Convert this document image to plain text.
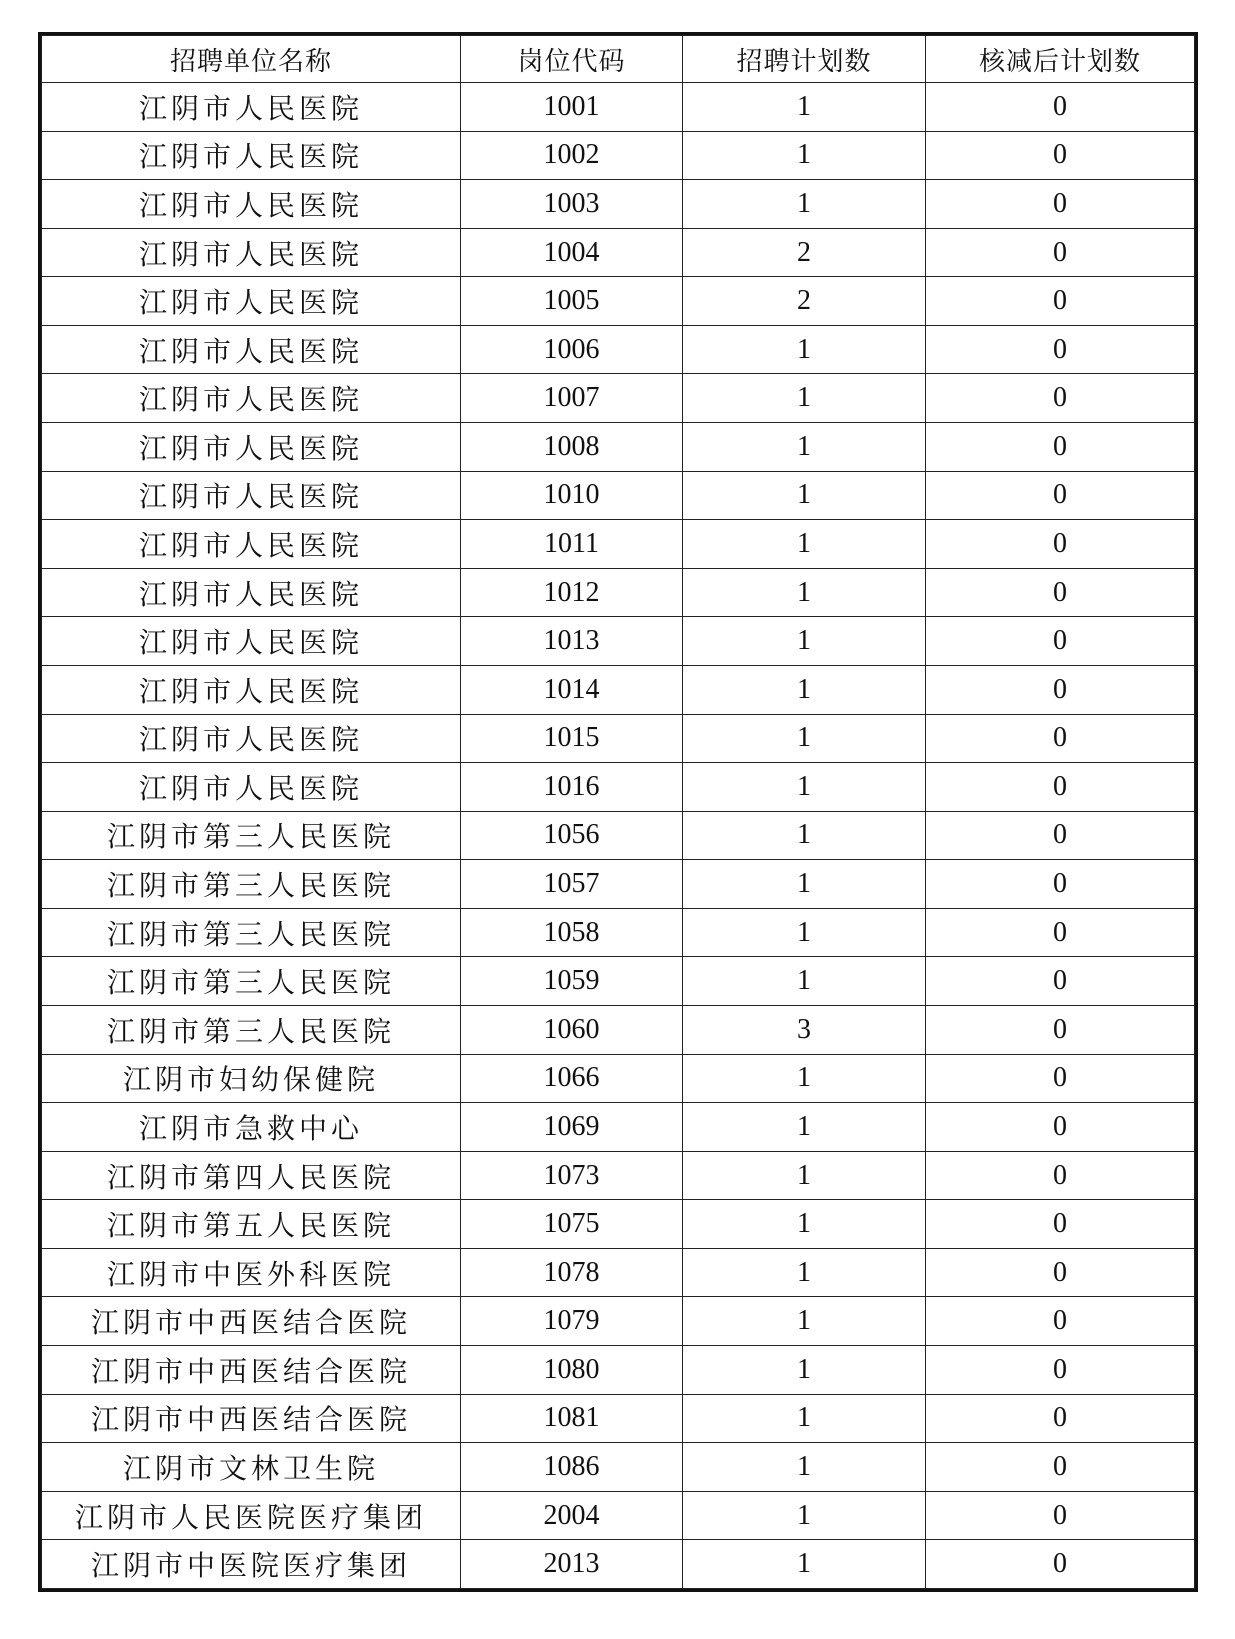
招聘单位名称	岗位代码	招聘计划数	核减后计划数
江阴市人民医院	1001	1	0
江阴市人民医院	1002	1	0
江阴市人民医院	1003	1	0
江阴市人民医院	1004	2	0
江阴市人民医院	1005	2	0
江阴市人民医院	1006	1	0
江阴市人民医院	1007	1	0
江阴市人民医院	1008	1	0
江阴市人民医院	1010	1	0
江阴市人民医院	1011	1	0
江阴市人民医院	1012	1	0
江阴市人民医院	1013	1	0
江阴市人民医院	1014	1	0
江阴市人民医院	1015	1	0
江阴市人民医院	1016	1	0
江阴市第三人民医院	1056	1	0
江阴市第三人民医院	1057	1	0
江阴市第三人民医院	1058	1	0
江阴市第三人民医院	1059	1	0
江阴市第三人民医院	1060	3	0
江阴市妇幼保健院	1066	1	0
江阴市急救中心	1069	1	0
江阴市第四人民医院	1073	1	0
江阴市第五人民医院	1075	1	0
江阴市中医外科医院	1078	1	0
江阴市中西医结合医院	1079	1	0
江阴市中西医结合医院	1080	1	0
江阴市中西医结合医院	1081	1	0
江阴市文林卫生院	1086	1	0
江阴市人民医院医疗集团	2004	1	0
江阴市中医院医疗集团	2013	1	0
